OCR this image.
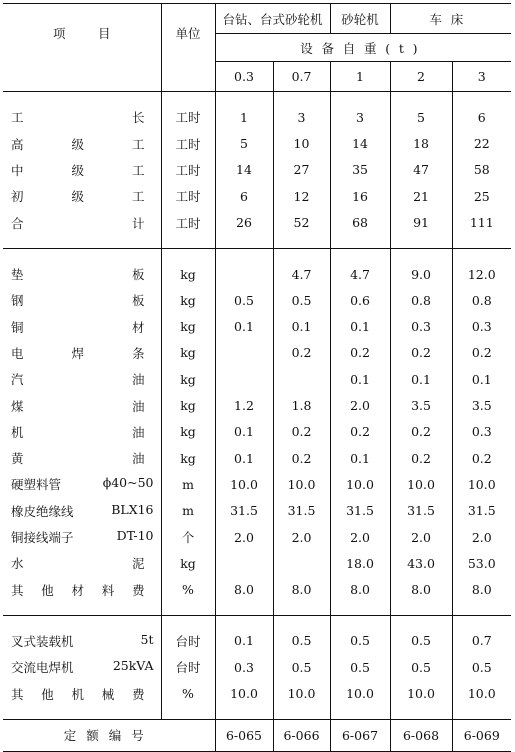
项目	单位	台钻、台式砂轮机		砂轮机	车床	
		设备自重(t)				
		0.3	0.7	1	2	3

工长	工时	1	3	3	5	6

高级工	工时	5	10	14	18	22

中级工	工时	14	27	35	47	58

初级工	工时	6	12	16	21	25

合计	工时	26	52	68	91	111

垫板	kg		4.7	4.7	9.0	12.0

钢板	kg	0.5	0.5	0.6	0.8	0.8

铜材	kg	0.1	0.1	0.1	0.3	0.3

电焊条	kg		0.2	0.2	0.2	0.2

汽油	kg			0.1	0.1	0.1

煤油	kg	1.2	1.8	2.0	3.5	3.5

机油	kg	0.1	0.2	0.2	0.2	0.3

黄油	kg	0.1	0.2	0.1	0.2	0.2

硬塑料管 ϕ40~50	m	10.0	10.0	10.0	10.0	10.0

橡皮绝缘线 BLX16	m	31.5	31.5	31.5	31.5	31.5

铜接线端子 DT-10	个	2.0	2.0	2.0	2.0	2.0

水泥	kg			18.0	43.0	53.0

其他材料费	%	8.0	8.0	8.0	8.0	8.0

叉式装载机 5t	台时	0.1	0.5	0.5	0.5	0.7

交流电焊机 25kVA	台时	0.3	0.5	0.5	0.5	0.5

其他机械费	%	10.0	10.0	10.0	10.0	10.0

定额编号		6-065	6-066	6-067	6-068	6-069
